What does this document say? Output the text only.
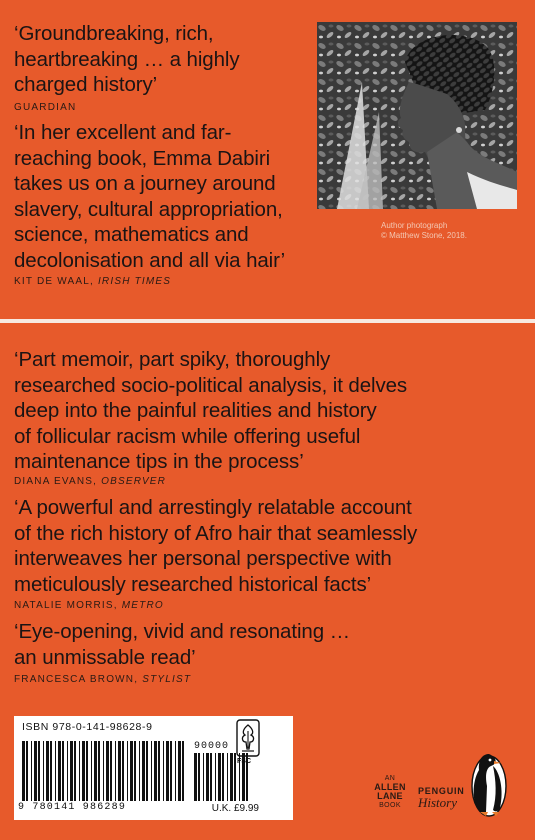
‘Groundbreaking, rich,
heartbreaking … a highly
charged history’
GUARDIAN
‘In her excellent and far-
reaching book, Emma Dabiri
takes us on a journey around
slavery, cultural appropriation,
science, mathematics and
decolonisation and all via hair’
KIT DE WAAL, IRISH TIMES
Author photograph
© Matthew Stone, 2018.
‘Part memoir, part spiky, thoroughly
researched socio-political analysis, it delves
deep into the painful realities and history
of follicular racism while offering useful
maintenance tips in the process’
DIANA EVANS, OBSERVER
‘A powerful and arrestingly relatable account
of the rich history of Afro hair that seamlessly
interweaves her personal perspective with
meticulously researched historical facts’
NATALIE MORRIS, METRO
‘Eye-opening, vivid and resonating …
an unmissable read’
FRANCESCA BROWN, STYLIST
ISBN 978-0-141-98628-9
9 780141 986289
90000
FSC
U.K. £9.99
AN
ALLEN
LANE
BOOK
PENGUIN
History
